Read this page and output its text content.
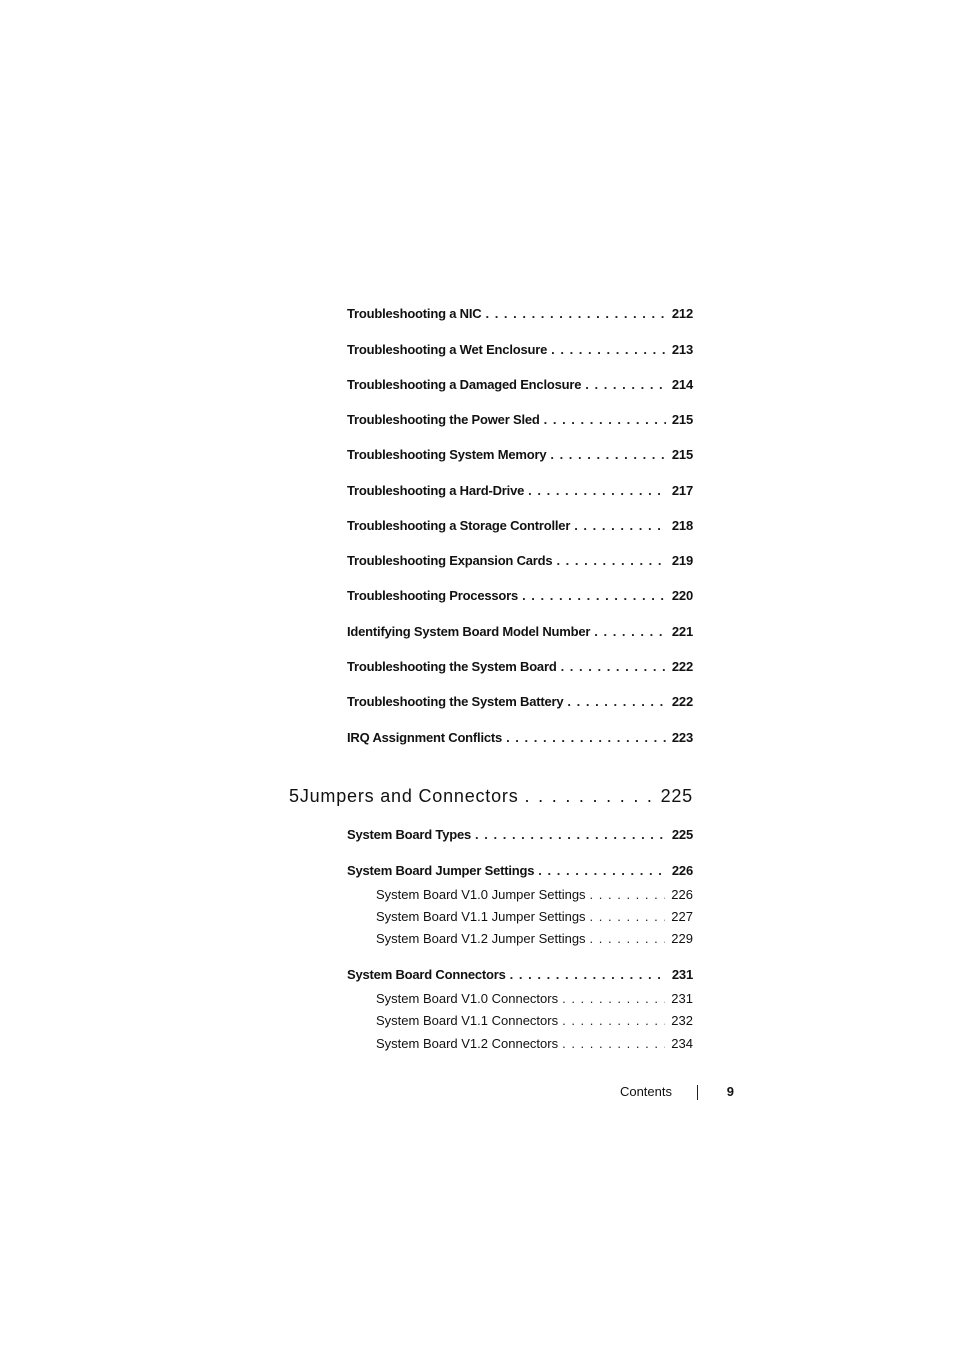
Troubleshooting a NIC . . .	212
Troubleshooting a Wet Enclosure . . .	213
Troubleshooting a Damaged Enclosure . . .	214
Troubleshooting the Power Sled . . .	215
Troubleshooting System Memory . . .	215
Troubleshooting a Hard-Drive . . .	217
Troubleshooting a Storage Controller . . .	218
Troubleshooting Expansion Cards . . .	219
Troubleshooting Processors . . .	220
Identifying System Board Model Number . . .	221
Troubleshooting the System Board . . .	222
Troubleshooting the System Battery . . .	222
IRQ Assignment Conflicts . . .	223
5 Jumpers and Connectors . . .	225
System Board Types . . .	225
System Board Jumper Settings . . .	226
System Board V1.0 Jumper Settings . . .	226
System Board V1.1 Jumper Settings . . .	227
System Board V1.2 Jumper Settings . . .	229
System Board Connectors . . .	231
System Board V1.0 Connectors . . .	231
System Board V1.1 Connectors . . .	232
System Board V1.2 Connectors . . .	234
Contents	9
